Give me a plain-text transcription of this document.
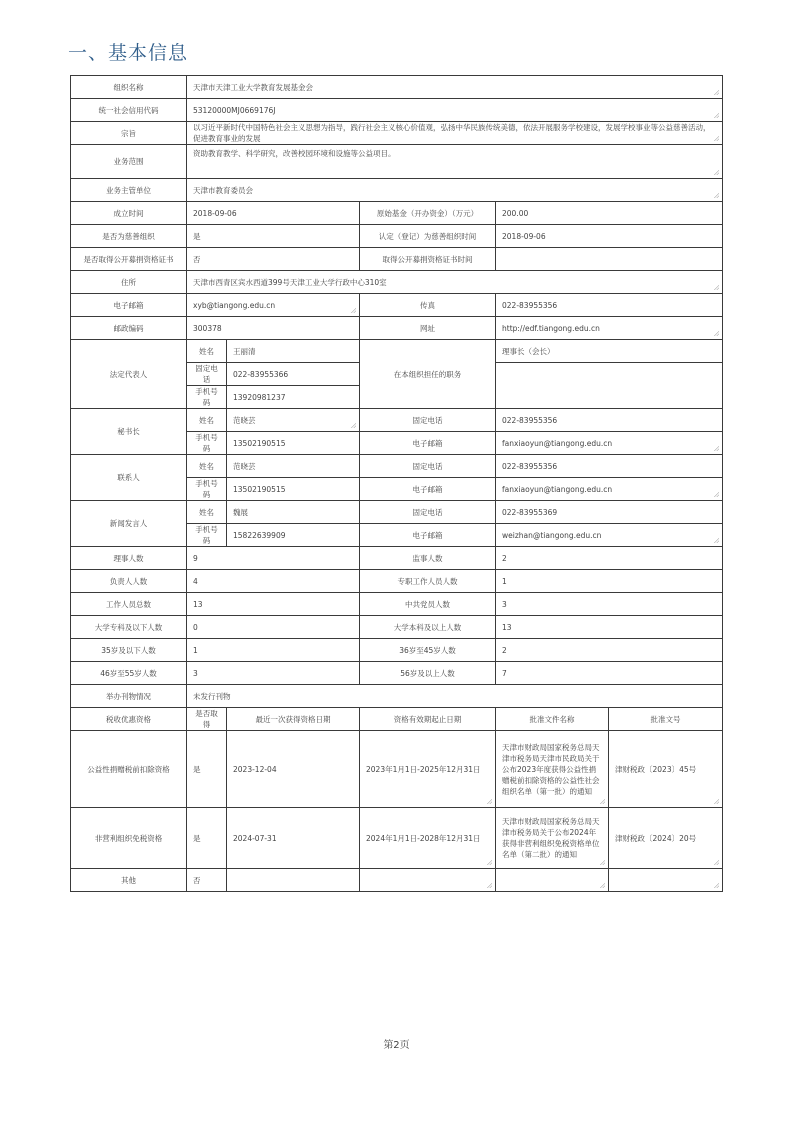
一、基本信息
组织名称	天津市天津工业大学教育发展基金会				
统一社会信用代码	53120000MJ0669176J				
宗旨	以习近平新时代中国特色社会主义思想为指导，践行社会主义核心价值观，弘扬中华民族传统美德，依法开展服务学校建设，发展学校事业等公益慈善活动，促进教育事业的发展				
业务范围	资助教育教学、科学研究，改善校园环境和设施等公益项目。				
业务主管单位	天津市教育委员会				
成立时间	2018-09-06		原始基金（开办资金）（万元）	200.00	
是否为慈善组织	是		认定（登记）为慈善组织时间	2018-09-06	
是否取得公开募捐资格证书	否		取得公开募捐资格证书时间		
住所	天津市西青区宾水西道399号天津工业大学行政中心310室				
电子邮箱	xyb@tiangong.edu.cn		传真	022-83955356	
邮政编码	300378		网址	http://edf.tiangong.edu.cn	
法定代表人	姓名	王丽清	在本组织担任的职务	理事长（会长）	
	固定电话	022-83955366			
	手机号码	13920981237			
秘书长	姓名	范晓芸	固定电话	022-83955356	
	手机号码	13502190515	电子邮箱	fanxiaoyun@tiangong.edu.cn	
联系人	姓名	范晓芸	固定电话	022-83955356	
	手机号码	13502190515	电子邮箱	fanxiaoyun@tiangong.edu.cn	
新闻发言人	姓名	魏展	固定电话	022-83955369	
	手机号码	15822639909	电子邮箱	weizhan@tiangong.edu.cn	
理事人数	9		监事人数	2	
负责人人数	4		专职工作人员人数	1	
工作人员总数	13		中共党员人数	3	
大学专科及以下人数	0		大学本科及以上人数	13	
35岁及以下人数	1		36岁至45岁人数	2	
46岁至55岁人数	3		56岁及以上人数	7	
举办刊物情况	未发行刊物				
税收优惠资格	是否取得	最近一次获得资格日期	资格有效期起止日期	批准文件名称	批准文号
公益性捐赠税前扣除资格	是	2023-12-04	2023年1月1日-2025年12月31日	天津市财政局国家税务总局天津市税务局天津市民政局关于公布2023年度获得公益性捐赠税前扣除资格的公益性社会组织名单（第一批）的通知	津财税政〔2023〕45号
非营利组织免税资格	是	2024-07-31	2024年1月1日-2028年12月31日	天津市财政局国家税务总局天津市税务局关于公布2024年获得非营利组织免税资格单位名单（第二批）的通知	津财税政〔2024〕20号
其他	否				
第2页
